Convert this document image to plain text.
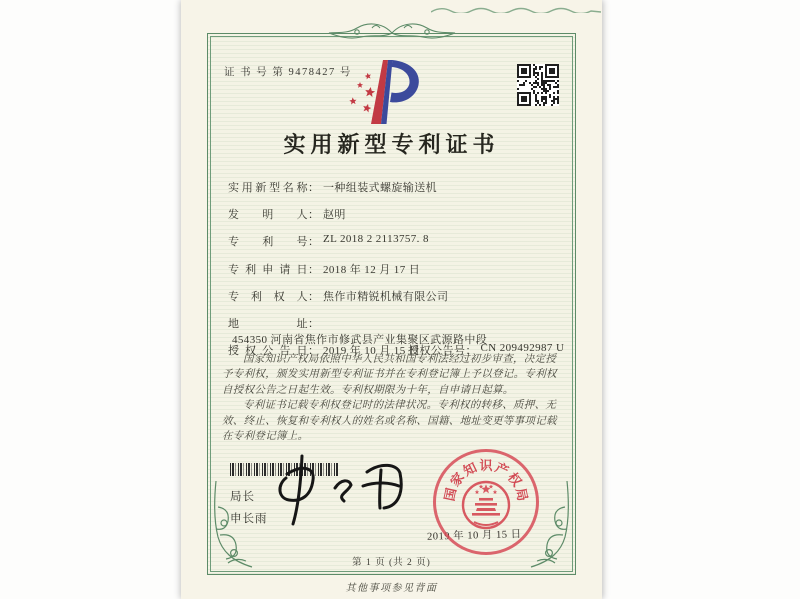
证 书 号 第 9478427 号
实用新型专利证书
实用新型名称： 一种组装式螺旋输送机
发明人： 赵明
专利号： ZL 2018 2 2113757. 8
专利申请日： 2018 年 12 月 17 日
专利权人： 焦作市精锐机械有限公司
地址：454350 河南省焦作市修武县产业集聚区武源路中段
授权公告日： 2019 年 10 月 15 日
授权公告号： CN 209492987 U

国家知识产权局依照中华人民共和国专利法经过初步审查，决定授予专利权，颁发实用新型专利证书并在专利登记簿上予以登记。专利权自授权公告之日起生效。专利权期限为十年，自申请日起算。

专利证书记载专利权登记时的法律状况。专利权的转移、质押、无效、终止、恢复和专利权人的姓名或名称、国籍、地址变更等事项记载在专利登记簿上。

局长
申长雨
2019 年 10 月 15 日
国
家
知 识 产
权
局
第 1 页 (共 2 页)
其他事项参见背面
